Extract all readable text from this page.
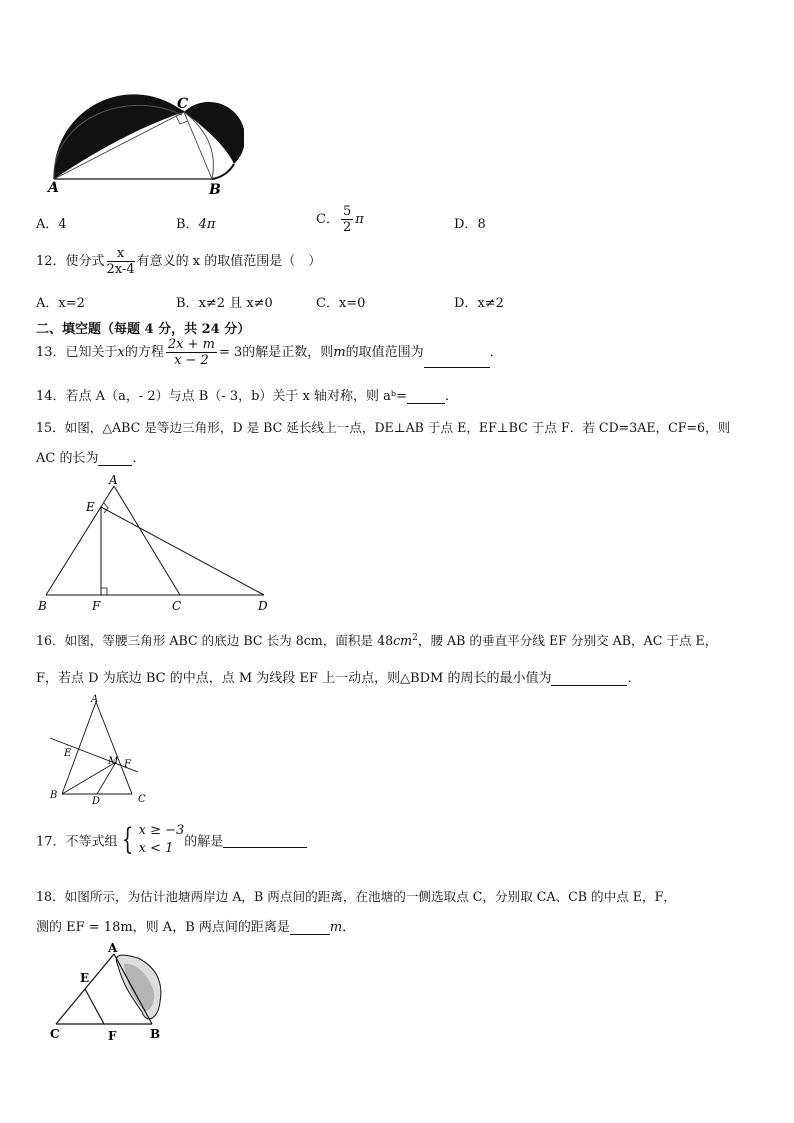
A	B
C
A．4	B．4π	C． $\frac{5}{2}$ π	D．8
12．使分式 $\frac{x}{2x-4}$ 有意义的 x 的取值范围是（　）
A．x=2	B．x≠2 且 x≠0	C．x=0	D．x≠2
二、填空题（每题 4 分，共 24 分）
13．已知关于x的方程 $\frac{2x + m}{x - 2} = 3$的解是正数，则m的取值范围为	．
14．若点 A（a，- 2）与点 B（- 3，b）关于 x 轴对称，则 aᵇ=	．
15．如图，△ABC 是等边三角形，D 是 BC 延长线上一点，DE⊥AB 于点 E，EF⊥BC 于点 F．若 CD=3AE，CF=6，则
AC 的长为	．
A
E
B	F	C	D
16．如图，等腰三角形 ABC 的底边 BC 长为 8cm，面积是 $48cm^2$，腰 AB 的垂直平分线 EF 分别交 AB，AC 于点 E，
F，若点 D 为底边 BC 的中点，点 M 为线段 EF 上一动点，则△BDM 的周长的最小值为	．
A
E
M F
B
D	C
17．不等式组 { x ≥ −3
x < 1 的解是
18．如图所示，为估计池塘两岸边 A，B 两点间的距离，在池塘的一侧选取点 C，分别取 CA、CB 的中点 E，F，
测的 EF = 18m，则 A，B 两点间的距离是	m．
A
E
C	F	B
